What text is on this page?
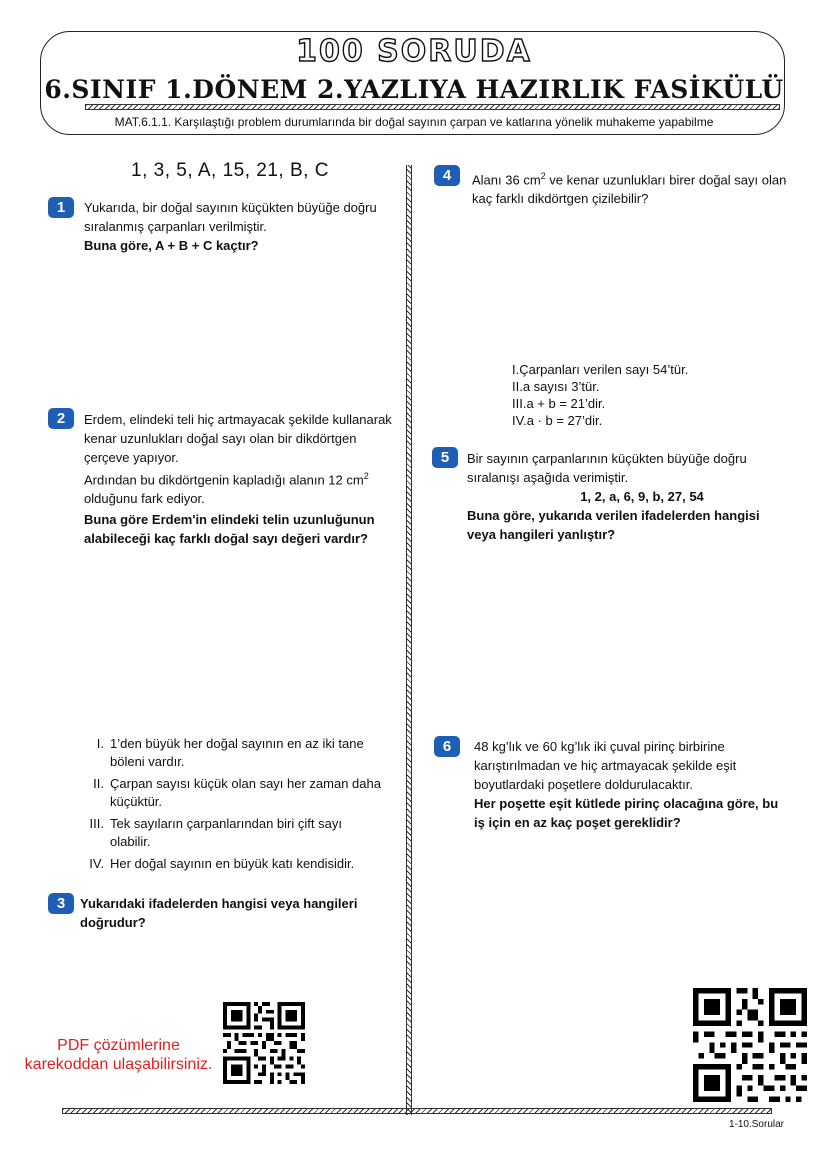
100 SORUDA
6.SINIF 1.DÖNEM 2.YAZLIYA HAZIRLIK FASİKÜLÜ
MAT.6.1.1. Karşılaştığı problem durumlarında bir doğal sayının çarpan ve katlarına yönelik muhakeme yapabilme
1, 3, 5, A, 15, 21, B, C
1	Yukarıda, bir doğal sayının küçükten büyüğe doğru sıralanmış çarpanları verilmiştir.

Buna göre, A + B + C kaçtır?

2	Erdem, elindeki teli hiç artmayacak şekilde kullanarak kenar uzunlukları doğal sayı olan bir dikdörtgen çerçeve yapıyor.

Ardından bu dikdörtgenin kapladığı alanın 12 $cm^2$
olduğunu fark ediyor.

Buna göre Erdem'in elindeki telin uzunluğunun alabileceği kaç farklı doğal sayı değeri vardır?

I. 1’den büyük her doğal sayının en az iki tane böleni vardır.
II. Çarpan sayısı küçük olan sayı her zaman daha küçüktür.
III. Tek sayıların çarpanlarından biri çift sayı olabilir.
IV. Her doğal sayının en büyük katı kendisidir.
3	Yukarıdaki ifadelerden hangisi veya hangileri doğrudur?
4	Alanı 36 $cm^2$ ve kenar uzunlukları birer doğal sayı olan kaç farklı dikdörtgen çizilebilir?

I.Çarpanları verilen sayı 54’tür.

II.a sayısı 3’tür.

III.a + b = 21’dir.

IV.a · b = 27’dir.

5	Bir sayının çarpanlarının küçükten büyüğe doğru sıralanışı aşağıda verimiştir.

1, 2, a, 6, 9, b, 27, 54

Buna göre, yukarıda verilen ifadelerden hangisi veya hangileri yanlıştır?

6	48 kg’lık ve 60 kg’lık iki çuval pirinç birbirine karıştırılmadan ve hiç artmayacak şekilde eşit boyutlardaki poşetlere doldurulacaktır.

Her poşette eşit kütlede pirinç olacağına göre, bu iş için en az kaç poşet gereklidir?

PDF çözümlerine karekoddan ulaşabilirsiniz.
1-10.Sorular
